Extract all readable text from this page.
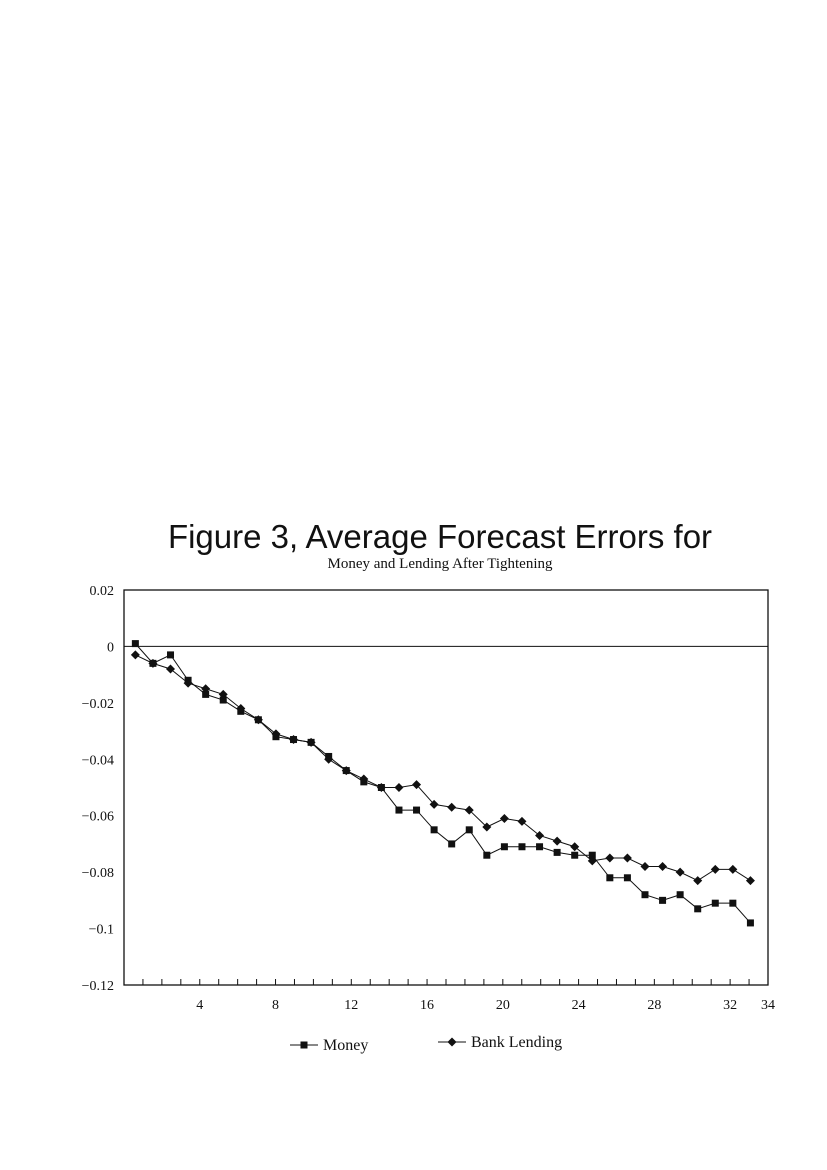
Figure 3, Average Forecast Errors for
Money and Lending After Tightening
0.02
0
−0.02
−0.04
−0.06
−0.08
−0.1
−0.12
4	8	12	16	20	24	28	32 34
Money	Bank Lending
